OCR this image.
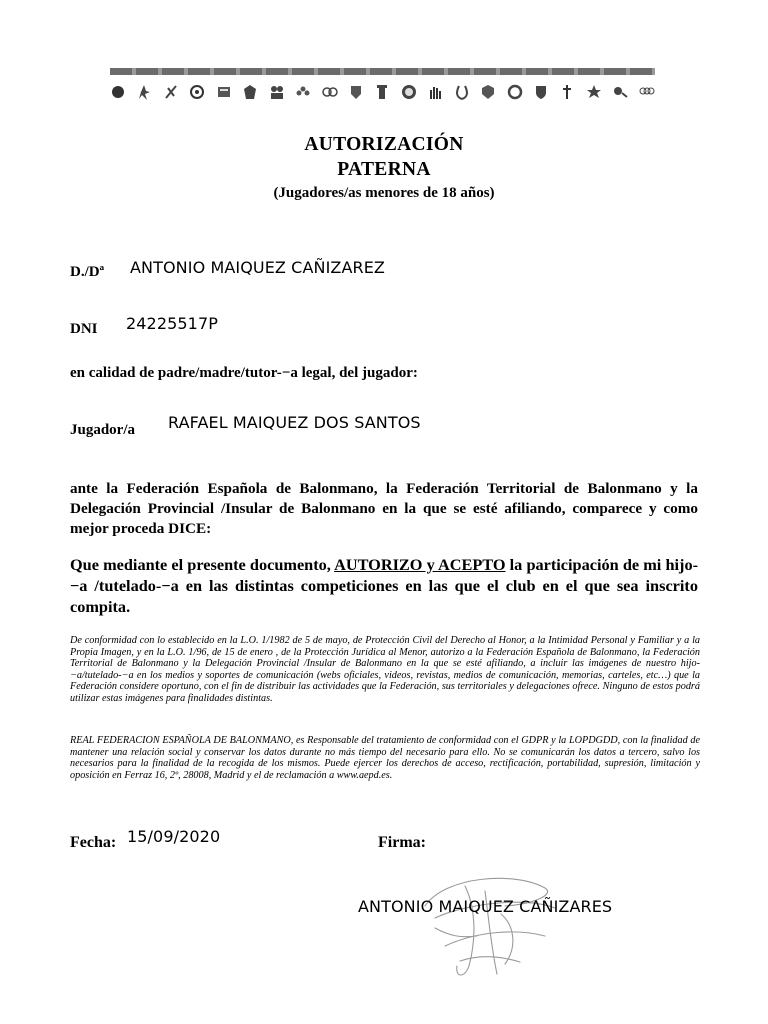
AUTORIZACIÓN
PATERNA
(Jugadores/as menores de 18 años)
D./Dª ANTONIO MAIQUEZ CAÑIZAREZ
DNI 24225517P
en calidad de padre/madre/tutor-−a legal, del jugador:
Jugador/a RAFAEL MAIQUEZ DOS SANTOS
ante la Federación Española de Balonmano, la Federación Territorial de Balonmano y la Delegación Provincial /Insular de Balonmano en la que se esté afiliando, comparece y como mejor proceda DICE:
Que mediante el presente documento, AUTORIZO y ACEPTO la participación de mi hijo-−a /tutelado-−a en las distintas competiciones en las que el club en el que sea inscrito compita.
De conformidad con lo establecido en la L.O. 1/1982 de 5 de mayo, de Protección Civil del Derecho al Honor, a la Intimidad Personal y Familiar y a la Propia Imagen, y en la L.O. 1/96, de 15 de enero , de la Protección Jurídica al Menor, autorizo a la Federación Española de Balonmano, la Federación Territorial de Balonmano y la Delegación Provincial /Insular de Balonmano en la que se esté afiliando, a incluir las imágenes de nuestro hijo-−a/tutelado-−a en los medios y soportes de comunicación (webs oficiales, videos, revistas, medios de comunicación, memorias, carteles, etc…) que la Federación considere oportuno, con el fin de distribuir las actividades que la Federación, sus territoriales y delegaciones ofrece. Ninguno de estos podrá utilizar estas imágenes para finalidades distintas.
REAL FEDERACION ESPAÑOLA DE BALONMANO, es Responsable del tratamiento de conformidad con el GDPR y la LOPDGDD, con la finalidad de mantener una relación social y conservar los datos durante no más tiempo del necesario para ello. No se comunicarán los datos a tercero, salvo los necesarios para la finalidad de la recogida de los mismos. Puede ejercer los derechos de acceso, rectificación, portabilidad, supresión, limitación y oposición en Ferraz 16, 2º, 28008, Madrid y el de reclamación a www.aepd.es.
Fecha: 15/09/2020	Firma:
ANTONIO MAIQUEZ CAÑIZARES
